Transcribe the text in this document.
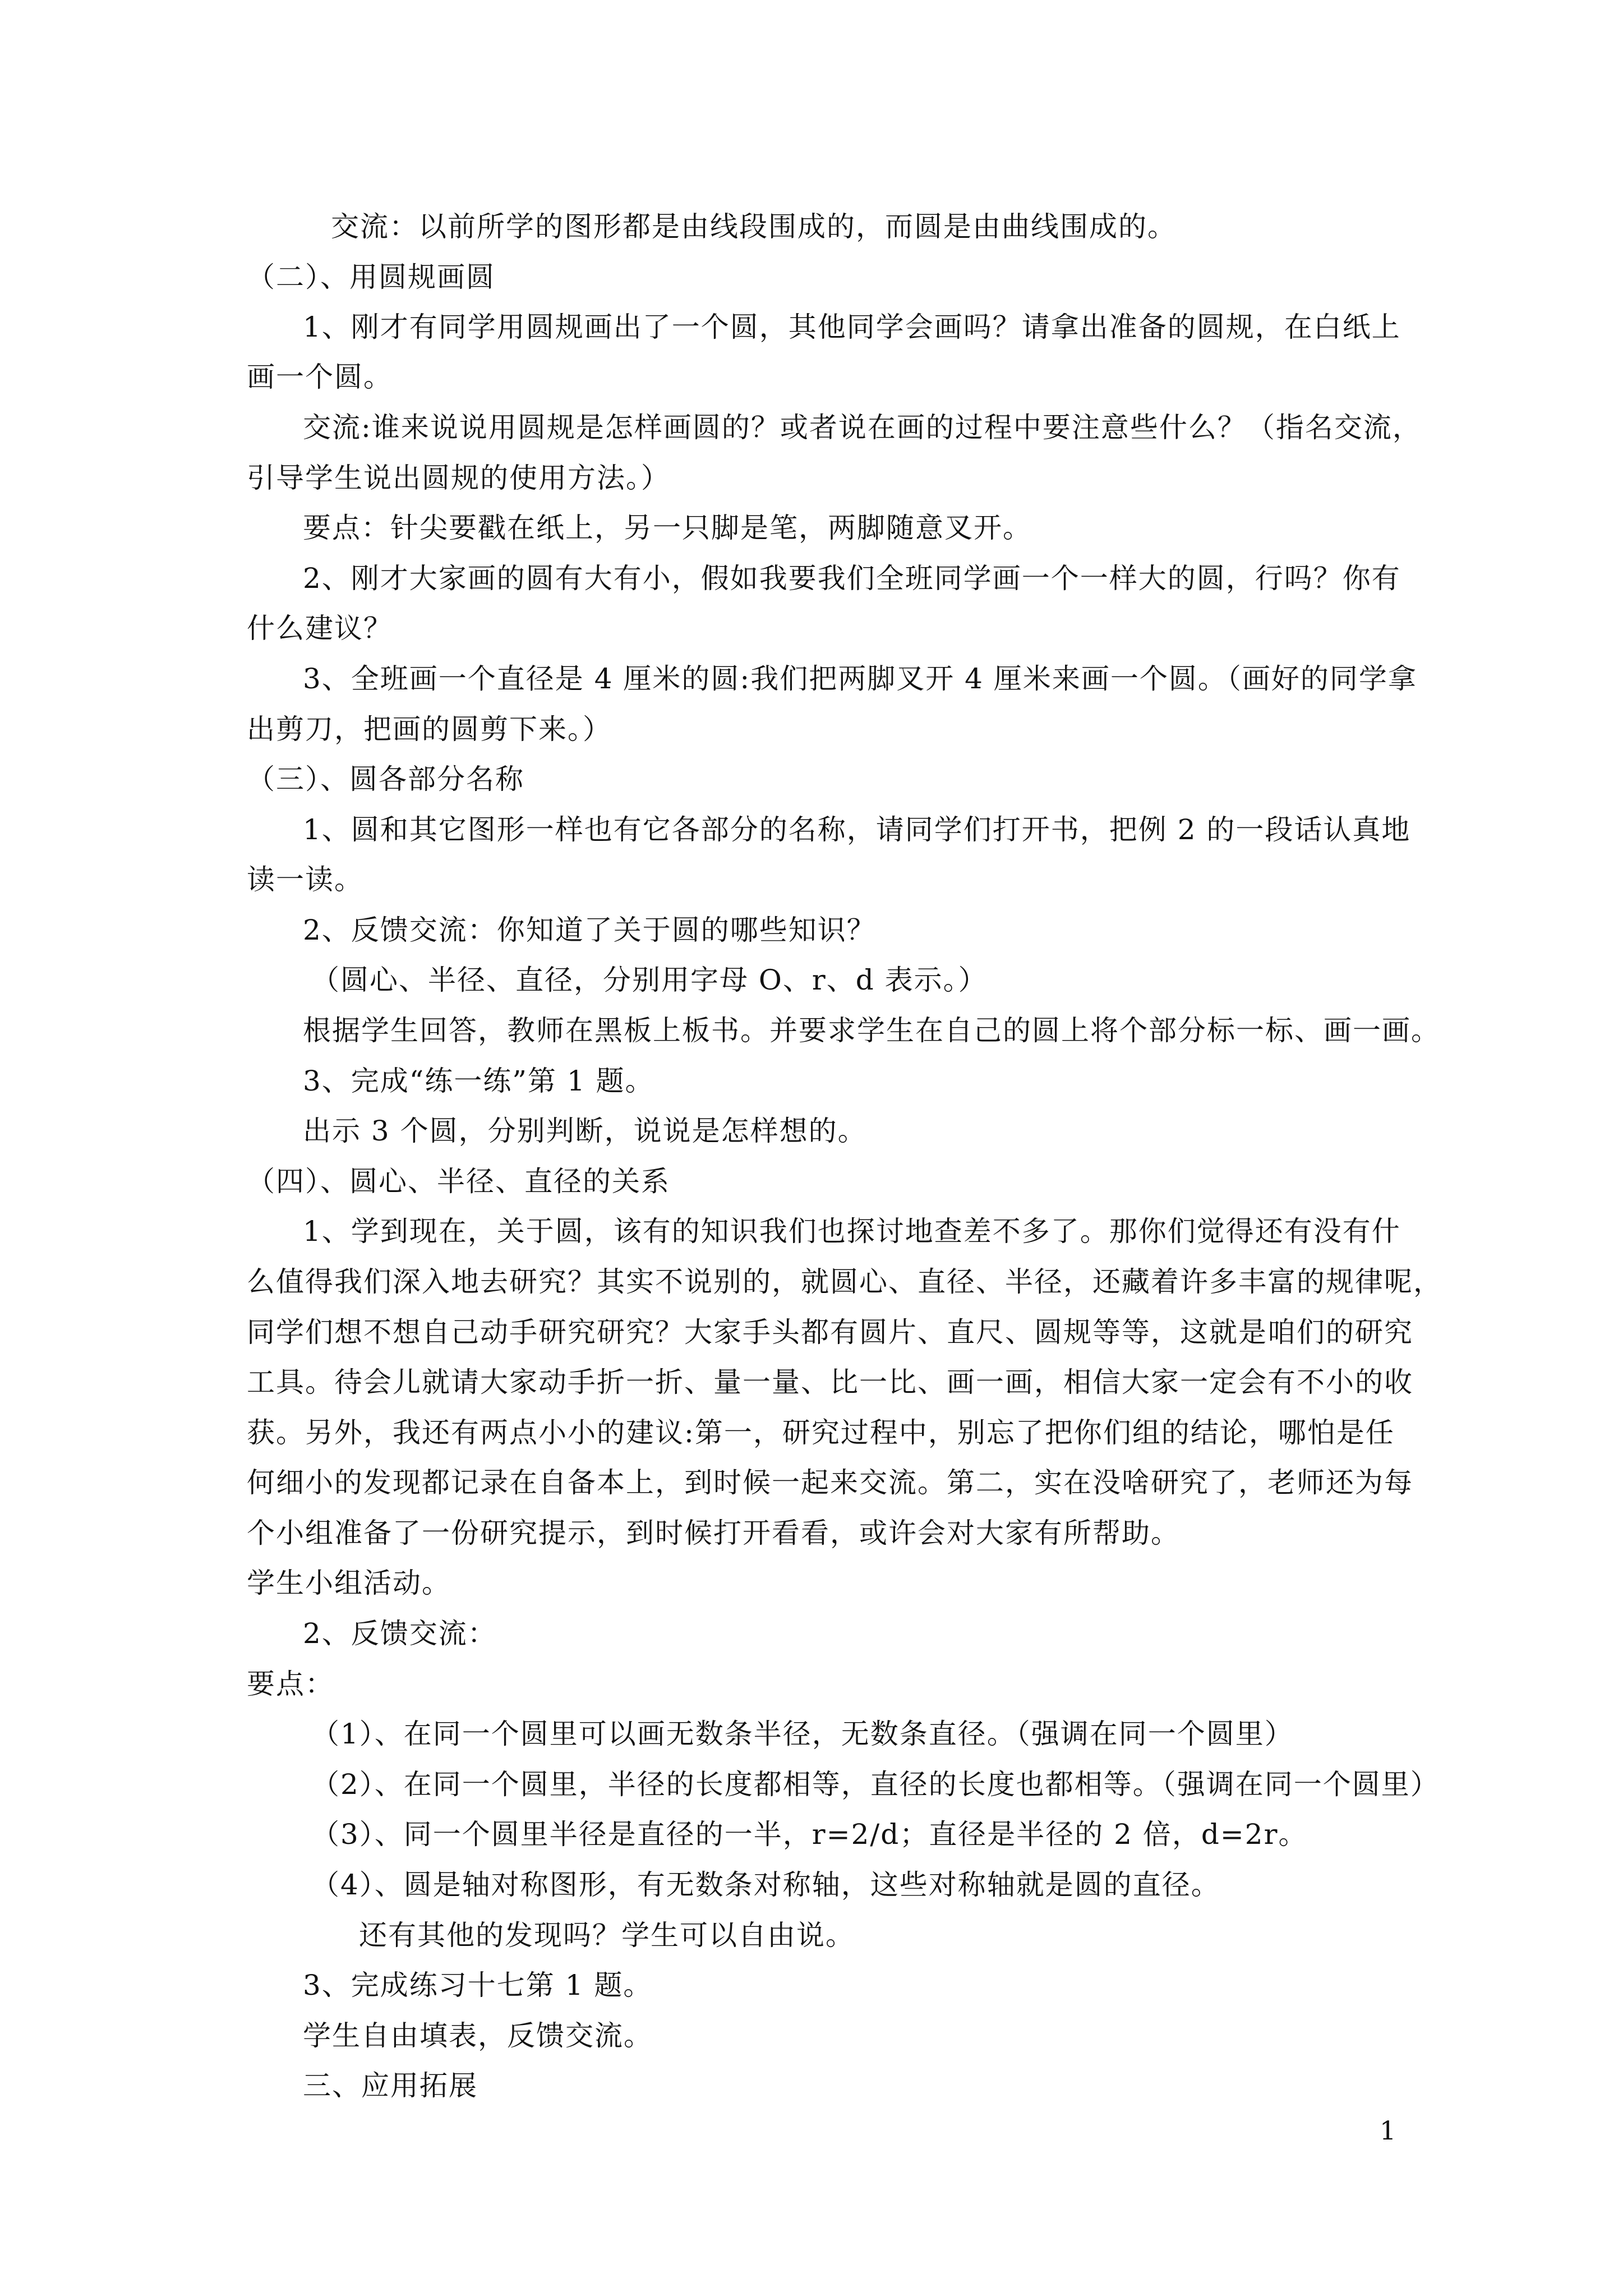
交流：以前所学的图形都是由线段围成的，而圆是由曲线围成的。
（二）、用圆规画圆
1、刚才有同学用圆规画出了一个圆，其他同学会画吗？请拿出准备的圆规，在白纸上
画一个圆。
交流:谁来说说用圆规是怎样画圆的？或者说在画的过程中要注意些什么？（指名交流，
引导学生说出圆规的使用方法。）
要点：针尖要戳在纸上，另一只脚是笔，两脚随意叉开。
2、刚才大家画的圆有大有小，假如我要我们全班同学画一个一样大的圆，行吗？你有
什么建议？
3、全班画一个直径是 4 厘米的圆:我们把两脚叉开 4 厘米来画一个圆。（画好的同学拿
出剪刀，把画的圆剪下来。）
（三）、圆各部分名称
1、圆和其它图形一样也有它各部分的名称，请同学们打开书，把例 2 的一段话认真地
读一读。
2、反馈交流：你知道了关于圆的哪些知识？
（圆心、半径、直径，分别用字母 O、r、d 表示。）
根据学生回答，教师在黑板上板书。并要求学生在自己的圆上将个部分标一标、画一画。
3、完成“练一练”第 1 题。
出示 3 个圆，分别判断，说说是怎样想的。
（四）、圆心、半径、直径的关系
1、学到现在，关于圆，该有的知识我们也探讨地查差不多了。那你们觉得还有没有什
么值得我们深入地去研究？其实不说别的，就圆心、直径、半径，还藏着许多丰富的规律呢，
同学们想不想自己动手研究研究？大家手头都有圆片、直尺、圆规等等，这就是咱们的研究
工具。待会儿就请大家动手折一折、量一量、比一比、画一画，相信大家一定会有不小的收
获。另外，我还有两点小小的建议:第一，研究过程中，别忘了把你们组的结论，哪怕是任
何细小的发现都记录在自备本上，到时候一起来交流。第二，实在没啥研究了，老师还为每
个小组准备了一份研究提示，到时候打开看看，或许会对大家有所帮助。
学生小组活动。
2、反馈交流：
要点：
（1）、在同一个圆里可以画无数条半径，无数条直径。（强调在同一个圆里）
（2）、在同一个圆里，半径的长度都相等，直径的长度也都相等。（强调在同一个圆里）
（3）、同一个圆里半径是直径的一半，r=2/d；直径是半径的 2 倍，d=2r。
（4）、圆是轴对称图形，有无数条对称轴，这些对称轴就是圆的直径。
还有其他的发现吗？学生可以自由说。
3、完成练习十七第 1 题。
学生自由填表，反馈交流。
三、应用拓展
1
